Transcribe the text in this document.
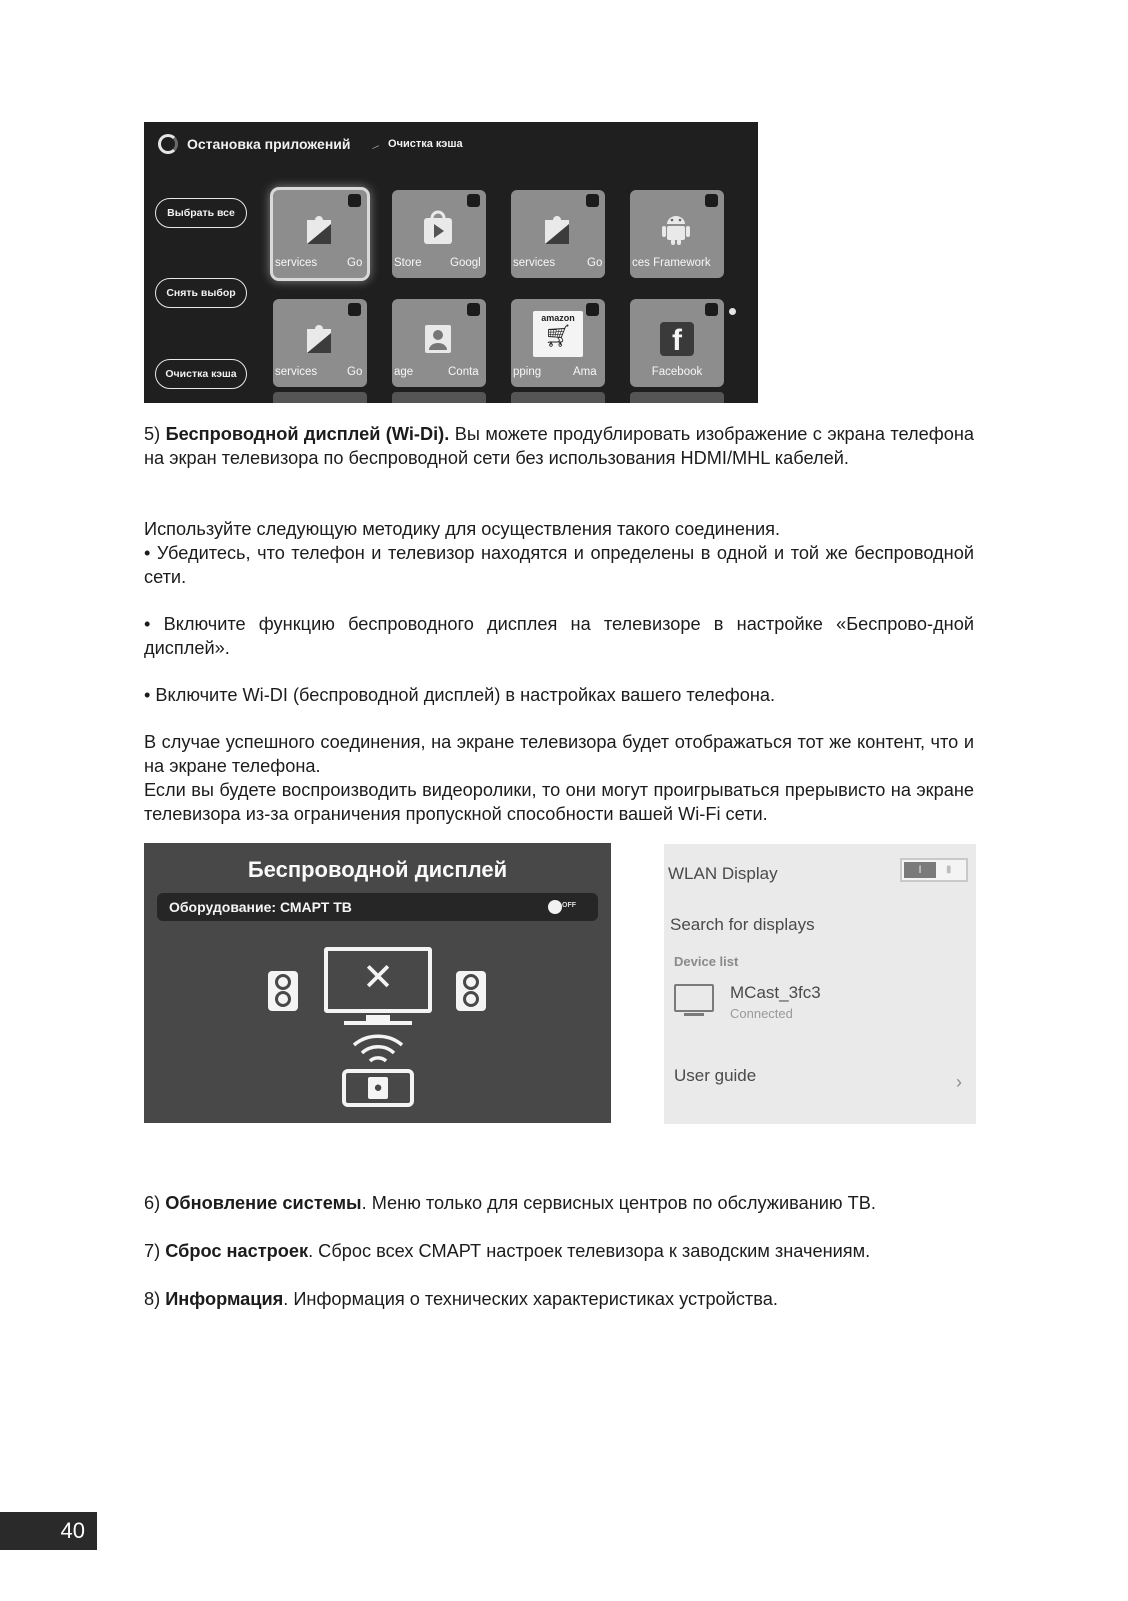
Остановка приложений ⸝ Очистка кэша
Выбрать все
Снять выбор
Очистка кэша
services	Go	Store Googl	services	Go	ces Framework
services	Go	age	Conta
amazon
🛒︎
pping	Ama
f
Facebook
5) Беспроводной дисплей (Wi-Di). Вы можете продублировать изображение с экрана телефона на экран телевизора по беспроводной сети без использования HDMI/MHL кабелей.
Используйте следующую методику для осуществления такого соединения.
• Убедитесь, что телефон и телевизор находятся и определены в одной и той же беспроводной сети.
• Включите функцию беспроводного дисплея на телевизоре в настройке «Беспрово-дной дисплей».
• Включите Wi-DI (беспроводной дисплей) в настройках вашего телефона.
В случае успешного соединения, на экране телевизора будет отображаться тот же контент, что и на экране телефона.
Если вы будете воспроизводить видеоролики, то они могут проигрываться прерывисто на экране телевизора из-за ограничения пропускной способности вашей Wi-Fi сети.
Беспроводной дисплей
Оборудование: СМАРТ ТВ	OFF
✕
●
WLAN Display	I	▮
Search for displays
Device list
MCast_3fc3
Connected
User guide	›
6) Обновление системы. Меню только для сервисных центров по обслуживанию ТВ.
7) Сброс настроек. Сброс всех СМАРТ настроек телевизора к заводским значениям.
8) Информация. Информация о технических характеристиках устройства.
40
